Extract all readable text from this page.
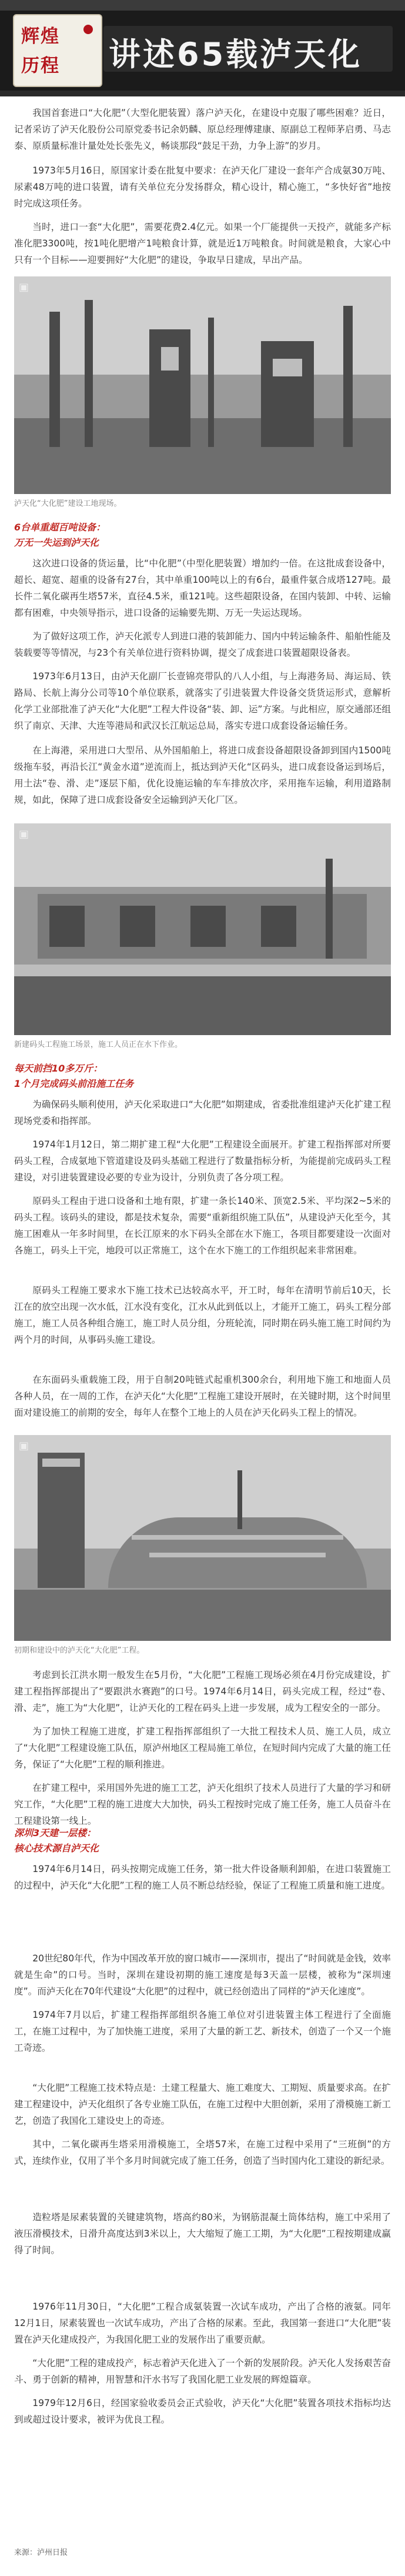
辉煌
历程 讲述65载泸天化

我国首套进口“大化肥”（大型化肥装置）落户泸天化，在建设中克服了哪些困难？近日，记者采访了泸天化股份公司原党委书记余奶麟、原总经理傅建康、原副总工程师茅启勇、马志泰、原质量标准计量处处长张先义，畅谈那段“鼓足干劲，力争上游”的岁月。

1973年5月16日，原国家计委在批复中要求：在泸天化厂建设一套年产合成氨30万吨、尿素48万吨的进口装置，请有关单位充分发扬群众，精心设计，精心施工，“多快好省”地按时完成这项任务。

当时，进口一套“大化肥”，需要花费2.4亿元。如果一个厂能提供一天投产，就能多产标准化肥3300吨，按1吨化肥增产1吨粮食计算，就是近1万吨粮食。时间就是粮食，大家心中只有一个目标——迎要拥好“大化肥”的建设，争取早日建成，早出产品。

▣

泸天化“大化肥”建设工地现场。

6台单重超百吨设备：

万无一失运到泸天化

这次进口设备的货运量，比“中化肥”（中型化肥装置）增加约一倍。在这批成套设备中，超长、超宽、超重的设备有27台，其中单重100吨以上的有6台，最重件氨合成塔127吨。最长件二氧化碳再生塔57米，直径4.5米，重121吨。这些超限设备，在国内装卸、中转、运输都有困难，中央领导指示，进口设备的运输要先期、万无一失运达现场。

为了做好这项工作，泸天化派专人到进口港的装卸能力、国内中转运输条件、船舶性能及装载要等等情况，与23个有关单位进行资料协调，提交了成套进口装置超限设备表。

1973年6月13日，由泸天化副厂长壹锦亮带队的八人小组，与上海港务局、海运局、铁路局、长航上海分公司等10个单位联系，就落实了引进装置大件设备交货货运形式，意解析化学工业部批准了泸天化“大化肥”工程大件设备“装、卸、运”方案。与此相应，原交通部还组织了南京、天津、大连等港局和武汉长江航运总局，落实专进口成套设备运输任务。

在上海港，采用进口大型吊、从外国船舶上，将进口成套设备超限设备卸到国内1500吨级拖车驳，再沿长江“黄金水道”逆流而上，抵达到泸天化“区码头，进口成套设备运到场后，用土法“卷、滑、走”逐层下船，优化设施运输的车车排放次序，采用拖车运输，利用道路制规，如此，保障了进口成套设备安全运输到泸天化厂区。

▣

新建码头工程施工场景，施工人员正在水下作业。

每天前挡10多万斤：

1个月完成码头前沿施工任务

为确保码头顺利使用，泸天化采取进口“大化肥”如期建成，省委批准组建泸天化扩建工程现场党委和指挥部。

1974年1月12日，第二期扩建工程“大化肥”工程建设全面展开。扩建工程指挥部对所要码头工程，合成氨地下管道建设及码头基础工程进行了数量指标分析，为能提前完成码头工程建设，对引进装置建设必要的专业为设计，分别负责了各分项工程。

原码头工程由于进口设备和土地有限，扩建一条长140米、顶宽2.5米、平均深2~5米的码头工程。该码头的建设，都是技术复杂，需要“重新组织施工队伍”，从建设泸天化至今，其施工困难从一年多时间里，在长江原来的水下码头全部在水下施工，各项目都要建设一次面对各施工，码头上干完，地段可以正常施工，这个在水下施工的工作组织起来非常困难。

原码头工程施工要求水下施工技术已达较高水平，开工时，每年在清明节前后10天，长江在的放空出现一次水低，江水没有变化，江水从此到低以上，才能开工施工，码头工程分部施工，施工人员各种组合施工，施工时人员分组，分班轮流，同时期在码头施工施工时间约为两个月的时间，从事码头施工建设。

在东面码头重载施工段，用于自制20吨链式起重机300余台，利用地下施工和地面人员各种人员，在一周的工作，在泸天化“大化肥”工程施工建设开展时，在关键时期，这个时间里面对建设施工的前期的安全，每年人在整个工地上的人员在泸天化码头工程上的情况。

▣

初期和建设中的泸天化“大化肥”工程。

考虑到长江洪水期一般发生在5月份，“大化肥”工程施工现场必须在4月份完成建设，扩建工程指挥部提出了“要跟洪水赛跑”的口号。1974年6月14日，码头完成工程，经过“卷、滑、走”，施工为“大化肥”，让泸天化的工程在码头上进一步发展，成为工程安全的一部分。

为了加快工程施工进度，扩建工程指挥部组织了一大批工程技术人员、施工人员，成立了“大化肥”工程建设施工队伍，原泸州地区工程局施工单位，在短时间内完成了大量的施工任务，保证了“大化肥”工程的顺利推进。

在扩建工程中，采用国外先进的施工工艺，泸天化组织了技术人员进行了大量的学习和研究工作，“大化肥”工程的施工进度大大加快，码头工程按时完成了施工任务，施工人员奋斗在工程建设第一线上。

深圳3天建一层楼：

核心技术源自泸天化

1974年6月14日，码头按期完成施工任务，第一批大件设备顺利卸船，在进口装置施工的过程中，泸天化“大化肥”工程的施工人员不断总结经验，保证了工程施工质量和施工进度。

20世纪80年代，作为中国改革开放的窗口城市——深圳市，提出了“时间就是金钱，效率就是生命”的口号。当时，深圳在建设初期的施工速度是每3天盖一层楼，被称为“深圳速度”。而泸天化在70年代建设“大化肥”的过程中，就已经创造出了同样的“泸天化速度”。

1974年7月以后，扩建工程指挥部组织各施工单位对引进装置主体工程进行了全面施工，在施工过程中，为了加快施工进度，采用了大量的新工艺、新技术，创造了一个又一个施工奇迹。

“大化肥”工程施工技术特点是：土建工程量大、施工难度大、工期短、质量要求高。在扩建工程建设中，泸天化组织了各专业施工队伍，在施工过程中大胆创新，采用了滑模施工新工艺，创造了我国化工建设史上的奇迹。

其中，二氧化碳再生塔采用滑模施工，全塔57米，在施工过程中采用了“三班倒”的方式，连续作业，仅用了半个多月时间就完成了施工任务，创造了当时国内化工建设的新纪录。

造粒塔是尿素装置的关键建筑物，塔高约80米，为钢筋混凝土筒体结构，施工中采用了液压滑模技术，日滑升高度达到3米以上，大大缩短了施工工期，为“大化肥”工程按期建成赢得了时间。

1976年11月30日，“大化肥”工程合成氨装置一次试车成功，产出了合格的液氨。同年12月1日，尿素装置也一次试车成功，产出了合格的尿素。至此，我国第一套进口“大化肥”装置在泸天化建成投产，为我国化肥工业的发展作出了重要贡献。

“大化肥”工程的建成投产，标志着泸天化进入了一个新的发展阶段。泸天化人发扬艰苦奋斗、勇于创新的精神，用智慧和汗水书写了我国化肥工业发展的辉煌篇章。

1979年12月6日，经国家验收委员会正式验收，泸天化“大化肥”装置各项技术指标均达到或超过设计要求，被评为优良工程。

来源：泸州日报
